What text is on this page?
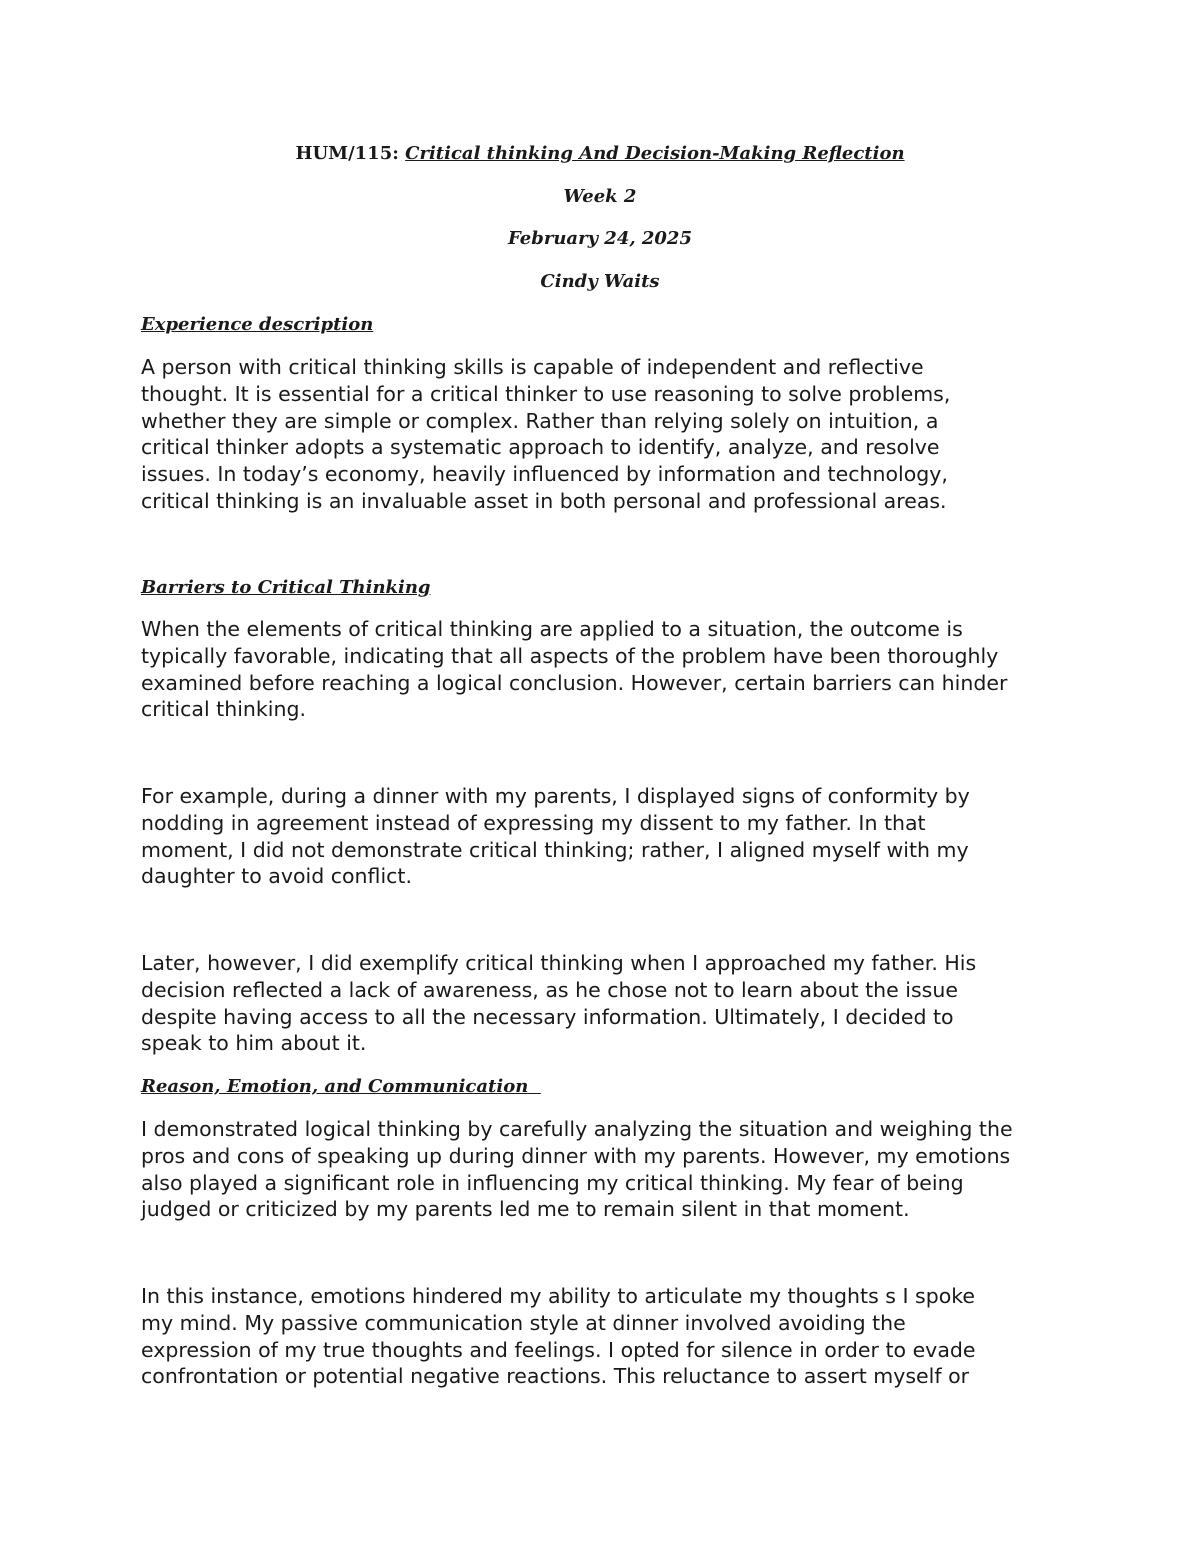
HUM/115: Critical thinking And Decision-Making Reflection
Week 2
February 24, 2025
Cindy Waits
Experience description
A person with critical thinking skills is capable of independent and reflective
thought. It is essential for a critical thinker to use reasoning to solve problems,
whether they are simple or complex. Rather than relying solely on intuition, a
critical thinker adopts a systematic approach to identify, analyze, and resolve
issues. In today’s economy, heavily influenced by information and technology,
critical thinking is an invaluable asset in both personal and professional areas.
Barriers to Critical Thinking
When the elements of critical thinking are applied to a situation, the outcome is
typically favorable, indicating that all aspects of the problem have been thoroughly
examined before reaching a logical conclusion. However, certain barriers can hinder
critical thinking.
For example, during a dinner with my parents, I displayed signs of conformity by
nodding in agreement instead of expressing my dissent to my father. In that
moment, I did not demonstrate critical thinking; rather, I aligned myself with my
daughter to avoid conflict.
Later, however, I did exemplify critical thinking when I approached my father. His
decision reflected a lack of awareness, as he chose not to learn about the issue
despite having access to all the necessary information. Ultimately, I decided to
speak to him about it.
Reason, Emotion, and Communication
I demonstrated logical thinking by carefully analyzing the situation and weighing the
pros and cons of speaking up during dinner with my parents. However, my emotions
also played a significant role in influencing my critical thinking. My fear of being
judged or criticized by my parents led me to remain silent in that moment.
In this instance, emotions hindered my ability to articulate my thoughts s I spoke
my mind. My passive communication style at dinner involved avoiding the
expression of my true thoughts and feelings. I opted for silence in order to evade
confrontation or potential negative reactions. This reluctance to assert myself or
